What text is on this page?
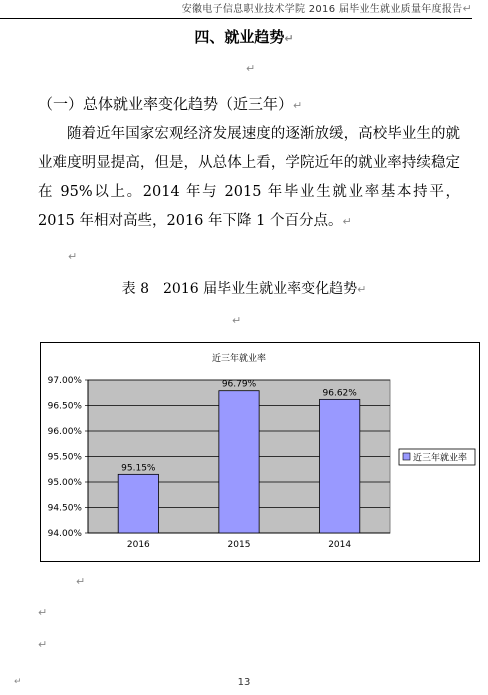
安徽电子信息职业技术学院 2016 届毕业生就业质量年度报告↵
四、就业趋势↵
↵
（一）总体就业率变化趋势（近三年）↵
随着近年国家宏观经济发展速度的逐渐放缓，高校毕业生的就业难度明显提高，但是，从总体上看，学院近年的就业率持续稳定在 95%以上。2014 年与 2015 年毕业生就业率基本持平，2015 年相对高些，2016 年下降 1 个百分点。↵
↵
表 8　2016 届毕业生就业率变化趋势↵
↵
近三年就业率
97.00%
96.50%
96.00%
95.50%
95.00%
94.50%
94.00%
95.15%
2016
96.79%
2015
96.62%
2014
近三年就业率
↵
↵
↵
13
↵
